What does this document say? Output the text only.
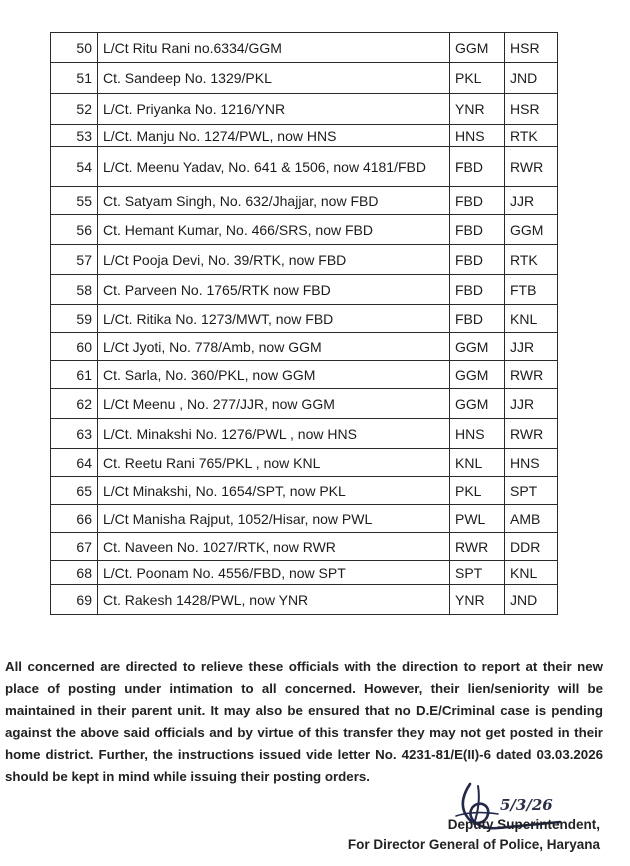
50	L/Ct Ritu Rani no.6334/GGM	GGM	HSR
51	Ct. Sandeep No. 1329/PKL	PKL	JND
52	L/Ct. Priyanka No. 1216/YNR	YNR	HSR
53	L/Ct. Manju No. 1274/PWL, now HNS	HNS	RTK
54	L/Ct. Meenu Yadav, No. 641 & 1506, now 4181/FBD	FBD	RWR
55	Ct. Satyam Singh, No. 632/Jhajjar, now FBD	FBD	JJR
56	Ct. Hemant Kumar, No. 466/SRS, now FBD	FBD	GGM
57	L/Ct Pooja Devi, No. 39/RTK, now FBD	FBD	RTK
58	Ct. Parveen No. 1765/RTK now FBD	FBD	FTB
59	L/Ct. Ritika No. 1273/MWT, now FBD	FBD	KNL
60	L/Ct Jyoti, No. 778/Amb, now GGM	GGM	JJR
61	Ct. Sarla, No. 360/PKL, now GGM	GGM	RWR
62	L/Ct Meenu , No. 277/JJR, now GGM	GGM	JJR
63	L/Ct. Minakshi No. 1276/PWL , now HNS	HNS	RWR
64	Ct. Reetu Rani 765/PKL , now KNL	KNL	HNS
65	L/Ct Minakshi, No. 1654/SPT, now PKL	PKL	SPT
66	L/Ct Manisha Rajput, 1052/Hisar, now PWL	PWL	AMB
67	Ct. Naveen No. 1027/RTK, now RWR	RWR	DDR
68	L/Ct. Poonam No. 4556/FBD, now SPT	SPT	KNL
69	Ct. Rakesh 1428/PWL, now YNR	YNR	JND
All concerned are directed to relieve these officials with the direction to report at their new place of posting under intimation to all concerned. However, their lien/seniority will be maintained in their parent unit. It may also be ensured that no D.E/Criminal case is pending against the above said officials and by virtue of this transfer they may not get posted in their home district. Further, the instructions issued vide letter No. 4231-81/E(II)-6 dated 03.03.2026 should be kept in mind while issuing their posting orders.
5/3/26
Deputy Superintendent,
For Director General of Police, Haryana
